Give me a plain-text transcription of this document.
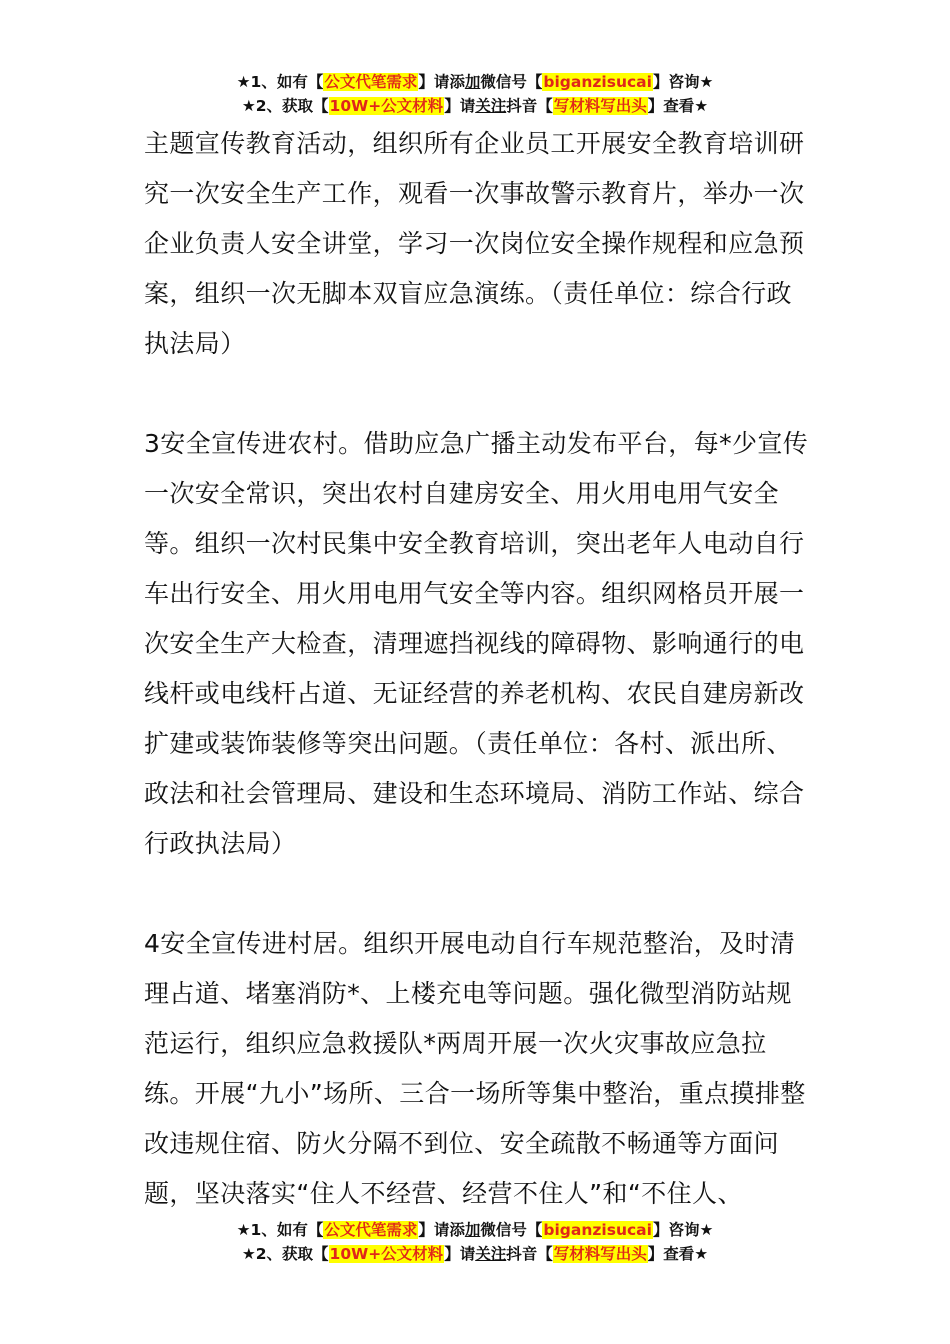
★1、如有【公文代笔需求】请添加微信号【biganzisucai】咨询★
★2、获取【10W+公文材料】请关注抖音【写材料写出头】查看★

主题宣传教育活动，组织所有企业员工开展安全教育培训研究一次安全生产工作，观看一次事故警示教育片，举办一次企业负责人安全讲堂，学习一次岗位安全操作规程和应急预案，组织一次无脚本双盲应急演练。（责任单位：综合行政执法局）

3安全宣传进农村。借助应急广播主动发布平台，每*少宣传一次安全常识，突出农村自建房安全、用火用电用气安全等。组织一次村民集中安全教育培训，突出老年人电动自行车出行安全、用火用电用气安全等内容。组织网格员开展一次安全生产大检查，清理遮挡视线的障碍物、影响通行的电线杆或电线杆占道、无证经营的养老机构、农民自建房新改扩建或装饰装修等突出问题。（责任单位：各村、派出所、政法和社会管理局、建设和生态环境局、消防工作站、综合行政执法局）

4安全宣传进村居。组织开展电动自行车规范整治，及时清理占道、堵塞消防*、上楼充电等问题。强化微型消防站规范运行，组织应急救援队*两周开展一次火灾事故应急拉练。开展“九小”场所、三合一场所等集中整治，重点摸排整改违规住宿、防火分隔不到位、安全疏散不畅通等方面问题，坚决落实“住人不经营、经营不住人”和“不住人、

★1、如有【公文代笔需求】请添加微信号【biganzisucai】咨询★
★2、获取【10W+公文材料】请关注抖音【写材料写出头】查看★
